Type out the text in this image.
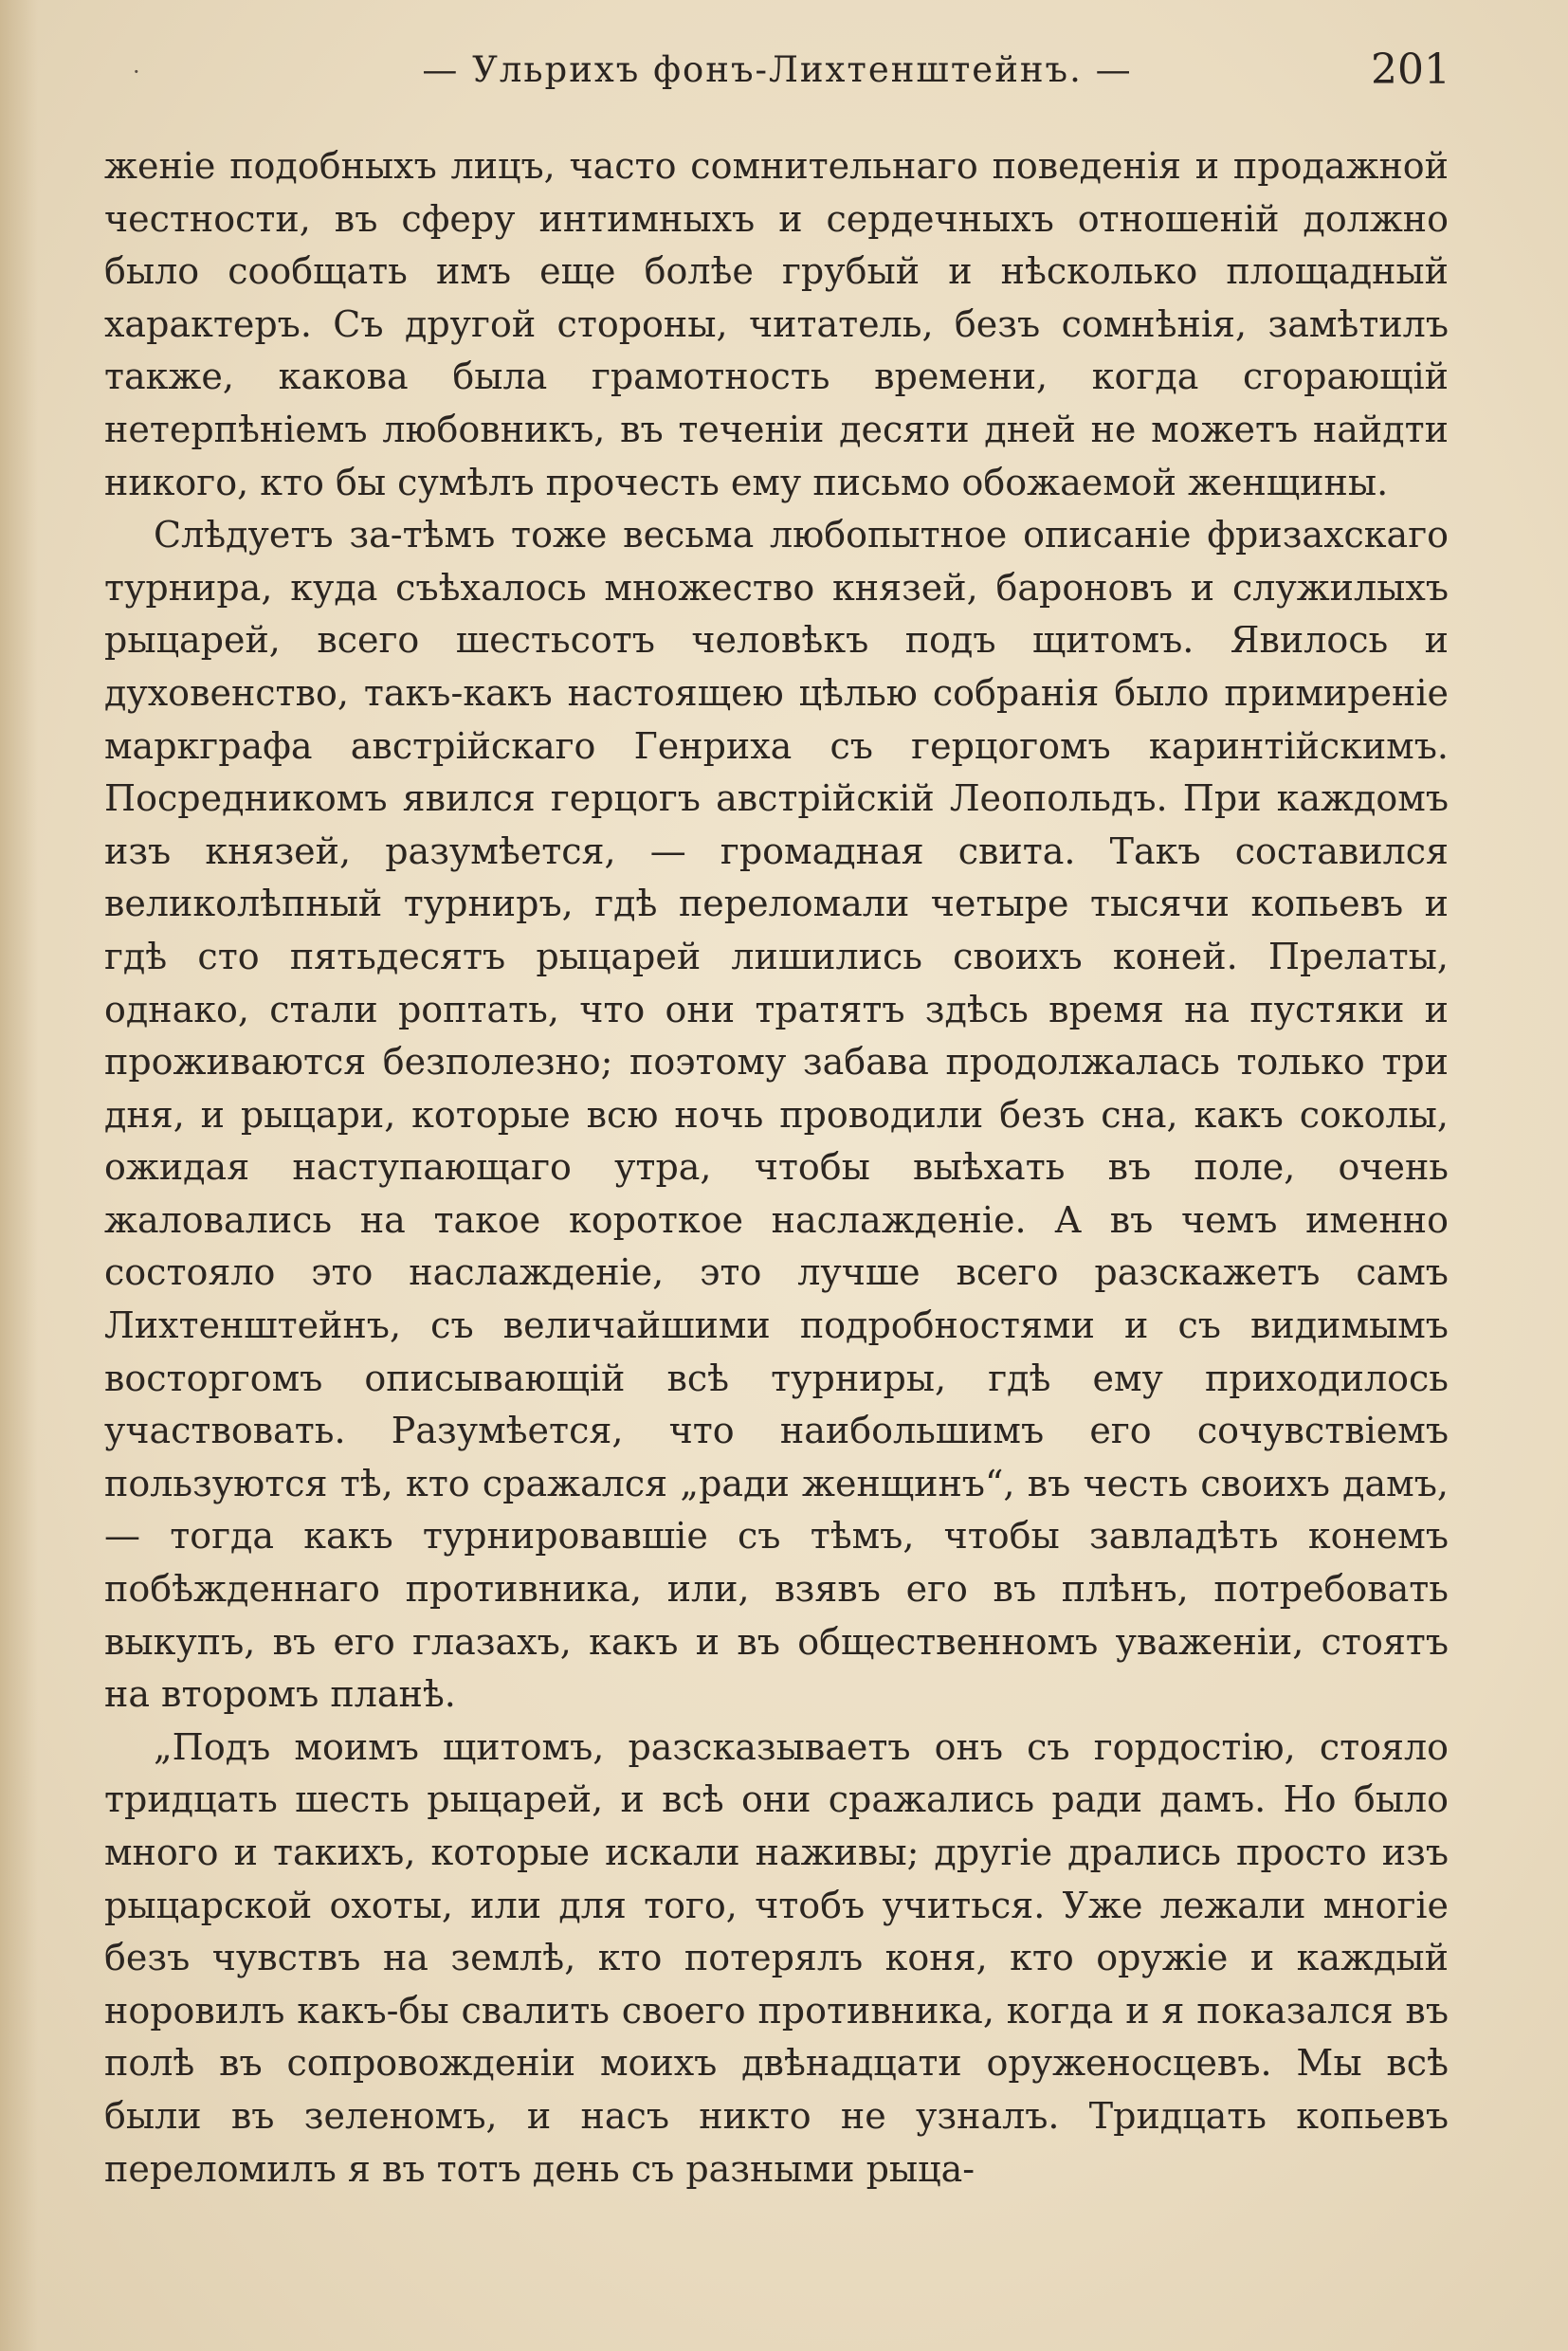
·	— Ульрихъ фонъ-Лихтенштейнъ. —	201

женіе подобныхъ лицъ, часто сомнительнаго поведенія и продажной честности, въ сферу интимныхъ и сердечныхъ отношеній должно было сообщать имъ еще болѣе грубый и нѣсколько площадный характеръ. Съ другой стороны, читатель, безъ сомнѣнія, замѣтилъ также, какова была грамотность времени, когда сгорающій нетерпѣніемъ любовникъ, въ теченіи десяти дней не можетъ найдти никого, кто бы сумѣлъ прочесть ему письмо обожаемой женщины.

Слѣдуетъ за-тѣмъ тоже весьма любопытное описаніе фризахскаго турнира, куда съѣхалось множество князей, бароновъ и служилыхъ рыцарей, всего шестьсотъ человѣкъ подъ щитомъ. Явилось и духовенство, такъ-какъ настоящею цѣлью собранія было примиреніе маркграфа австрійскаго Генриха съ герцогомъ каринтійскимъ. Посредникомъ явился герцогъ австрійскій Леопольдъ. При каждомъ изъ князей, разумѣется, — громадная свита. Такъ составился великолѣпный турниръ, гдѣ переломали четыре тысячи копьевъ и гдѣ сто пятьдесятъ рыцарей лишились своихъ коней. Прелаты, однако, стали роптать, что они тратятъ здѣсь время на пустяки и проживаются безполезно; поэтому забава продолжалась только три дня, и рыцари, которые всю ночь проводили безъ сна, какъ соколы, ожидая наступающаго утра, чтобы выѣхать въ поле, очень жаловались на такое короткое наслажденіе. А въ чемъ именно состояло это наслажденіе, это лучше всего разскажетъ самъ Лихтенштейнъ, съ величайшими подробностями и съ видимымъ восторгомъ описывающій всѣ турниры, гдѣ ему приходилось участвовать. Разумѣется, что наибольшимъ его сочувствіемъ пользуются тѣ, кто сражался „ради женщинъ“, въ честь своихъ дамъ, — тогда какъ турнировавшіе съ тѣмъ, чтобы завладѣть конемъ побѣжденнаго противника, или, взявъ его въ плѣнъ, потребовать выкупъ, въ его глазахъ, какъ и въ общественномъ уваженіи, стоятъ на второмъ планѣ.

„Подъ моимъ щитомъ, разсказываетъ онъ съ гордостію, стояло тридцать шесть рыцарей, и всѣ они сражались ради дамъ. Но было много и такихъ, которые искали наживы; другіе дрались просто изъ рыцарской охоты, или для того, чтобъ учиться. Уже лежали многіе безъ чувствъ на землѣ, кто потерялъ коня, кто оружіе и каждый норовилъ какъ-бы свалить своего противника, когда и я показался въ полѣ въ сопровожденіи моихъ двѣнадцати оруженосцевъ. Мы всѣ были въ зеленомъ, и насъ никто не узналъ. Тридцать копьевъ переломилъ я въ тотъ день съ разными рыца-
